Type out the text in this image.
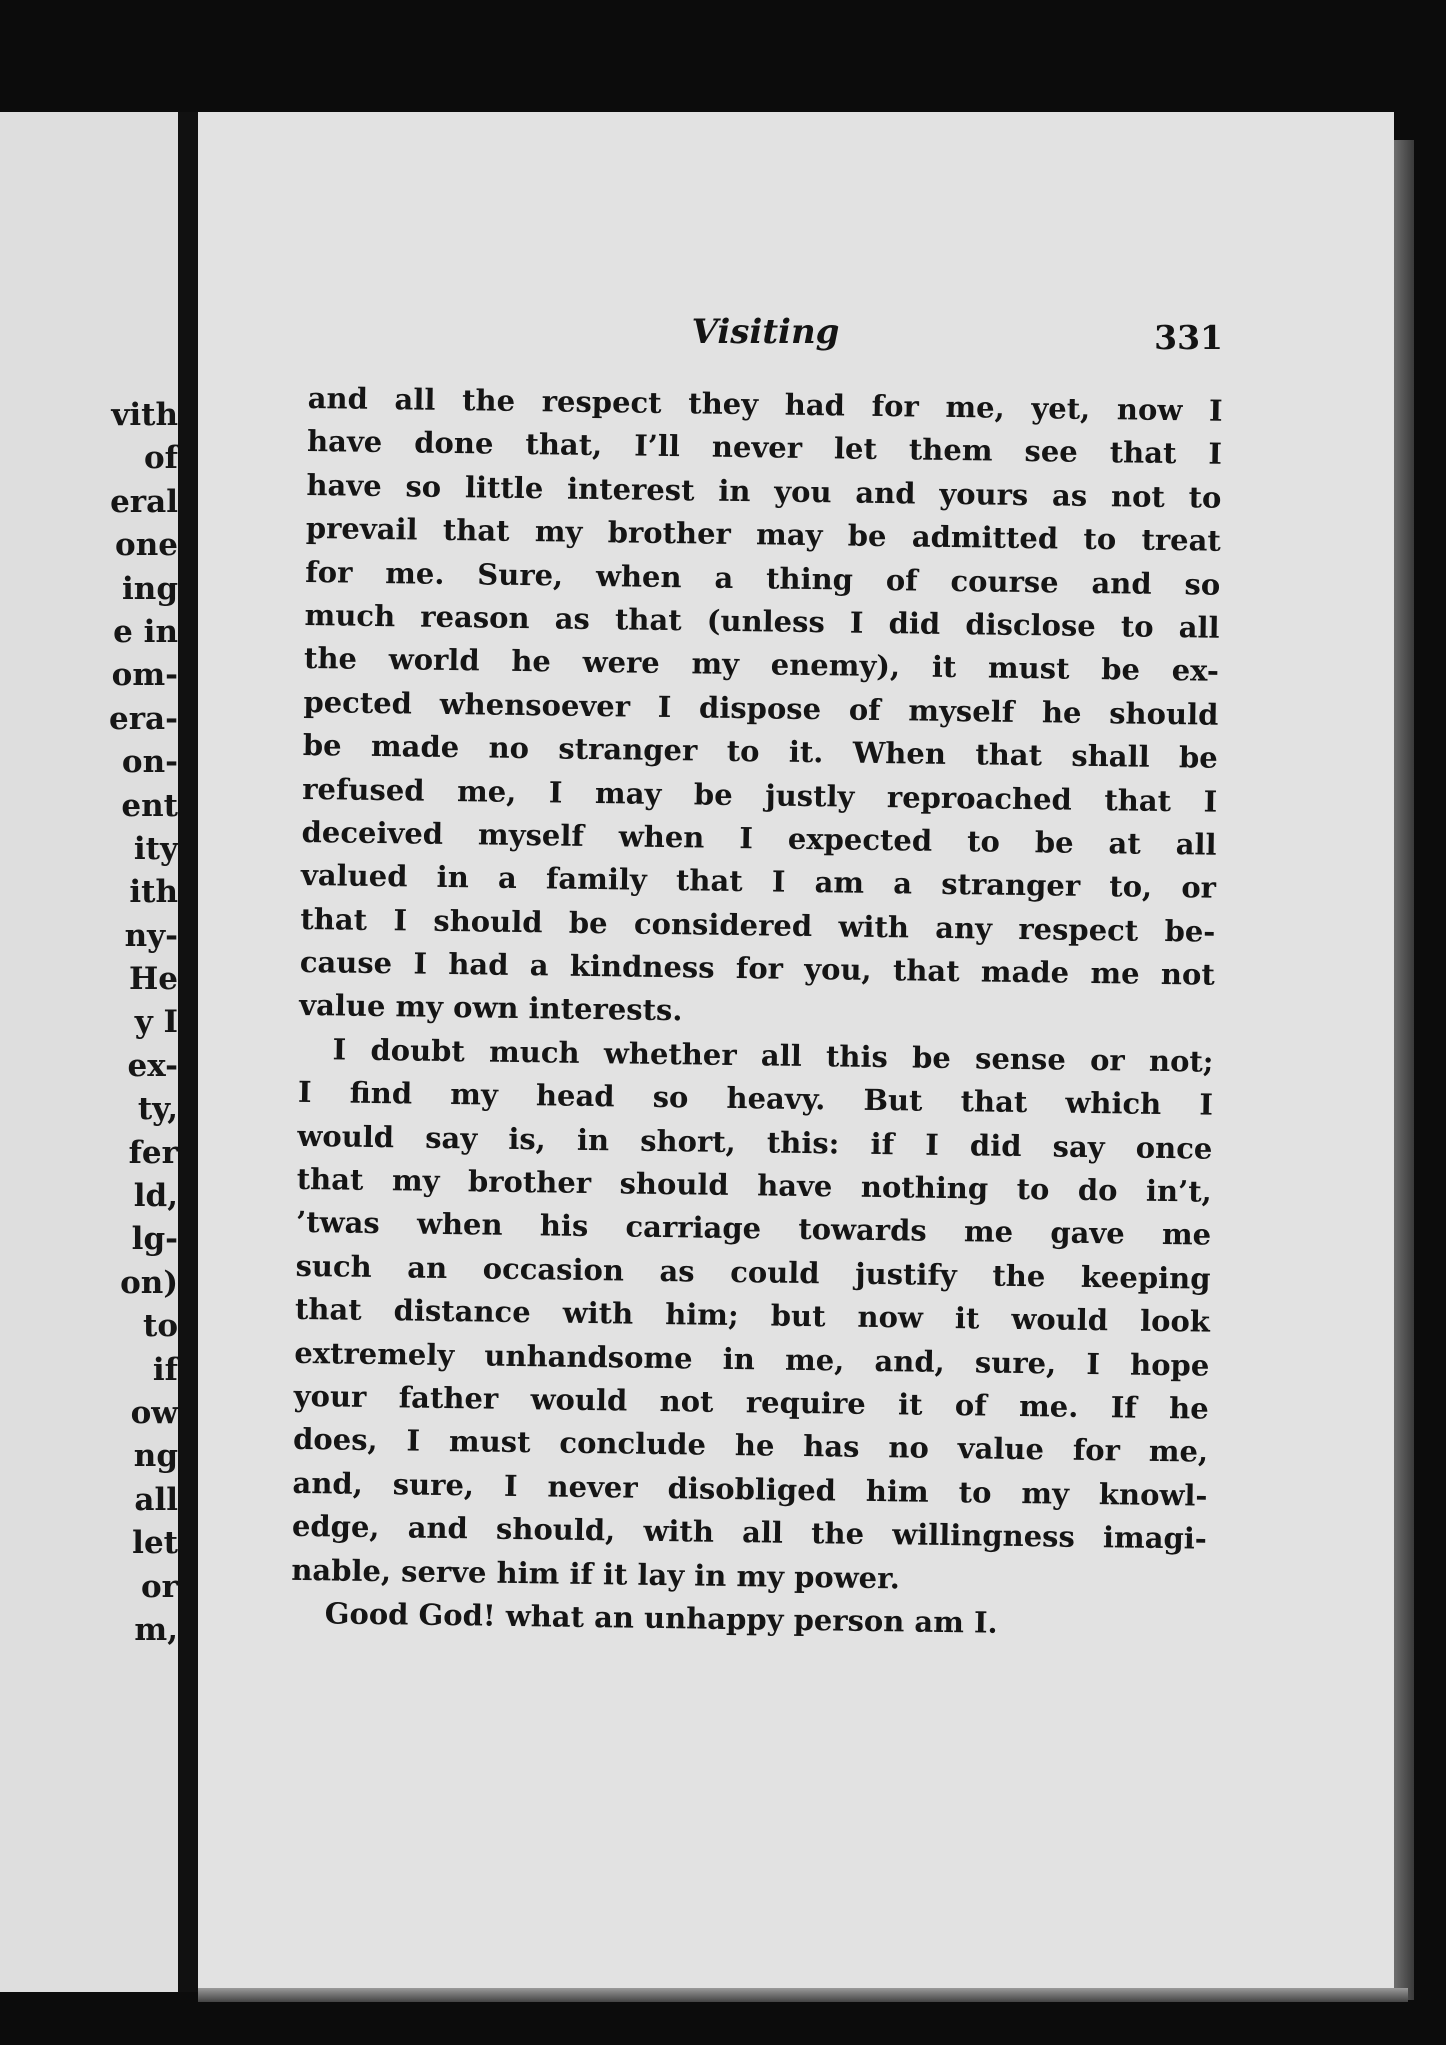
vith
of
eral
one
ing
e in
om-
era-
on-
ent
ity
ith
ny-
He
y I
ex-
ty,
fer
ld,
lg-
on)
to
if
ow
ng
all
let
or
m,
Visiting	331
and all the respect they had for me, yet, now I
have done that, I’ll never let them see that I
have so little interest in you and yours as not to
prevail that my brother may be admitted to treat
for me. Sure, when a thing of course and so
much reason as that (unless I did disclose to all
the world he were my enemy), it must be ex-
pected whensoever I dispose of myself he should
be made no stranger to it. When that shall be
refused me, I may be justly reproached that I
deceived myself when I expected to be at all
valued in a family that I am a stranger to, or
that I should be considered with any respect be-
cause I had a kindness for you, that made me not
value my own interests.
I doubt much whether all this be sense or not;
I find my head so heavy. But that which I
would say is, in short, this: if I did say once
that my brother should have nothing to do in’t,
’twas when his carriage towards me gave me
such an occasion as could justify the keeping
that distance with him; but now it would look
extremely unhandsome in me, and, sure, I hope
your father would not require it of me. If he
does, I must conclude he has no value for me,
and, sure, I never disobliged him to my knowl-
edge, and should, with all the willingness imagi-
nable, serve him if it lay in my power.
Good God! what an unhappy person am I.
